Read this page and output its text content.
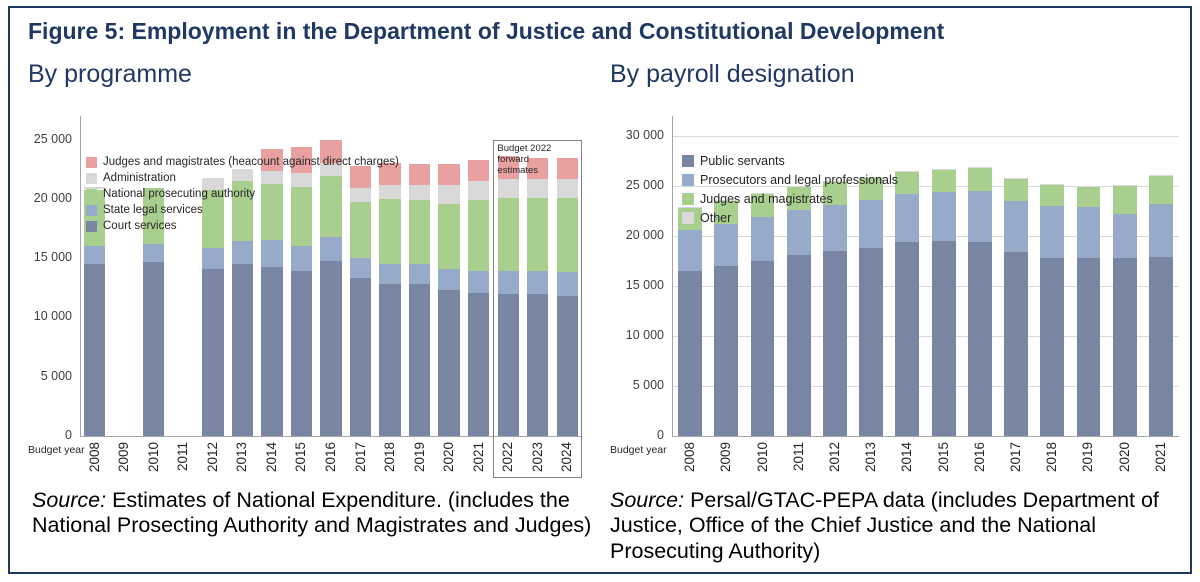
Figure 5: Employment in the Department of Justice and Constitutional Development
By programme
0
5 000
10 000
15 000
20 000
25 000
2008 2009 2010 2011 2012 2013 2014 2015 2016 2017 2018 2019 2020 2021 2022 2023 2024
Budget year
Judges and magistrates (heacount against direct charges)
Administration
National prosecuting authority
State legal services
Court services
Budget 2022 forward estimates
Source: Estimates of National Expenditure. (includes the National Prosecting Authority and Magistrates and Judges)
By payroll designation
0
5 000
10 000
15 000
20 000
25 000
30 000
2008 2009 2010 2011 2012 2013 2014 2015 2016 2017 2018 2019 2020 2021
Budget year
Public servants
Prosecutors and legal professionals
Judges and magistrates
Other
Source: Persal/GTAC-PEPA data (includes Department of Justice, Office of the Chief Justice and the National Prosecuting Authority)
